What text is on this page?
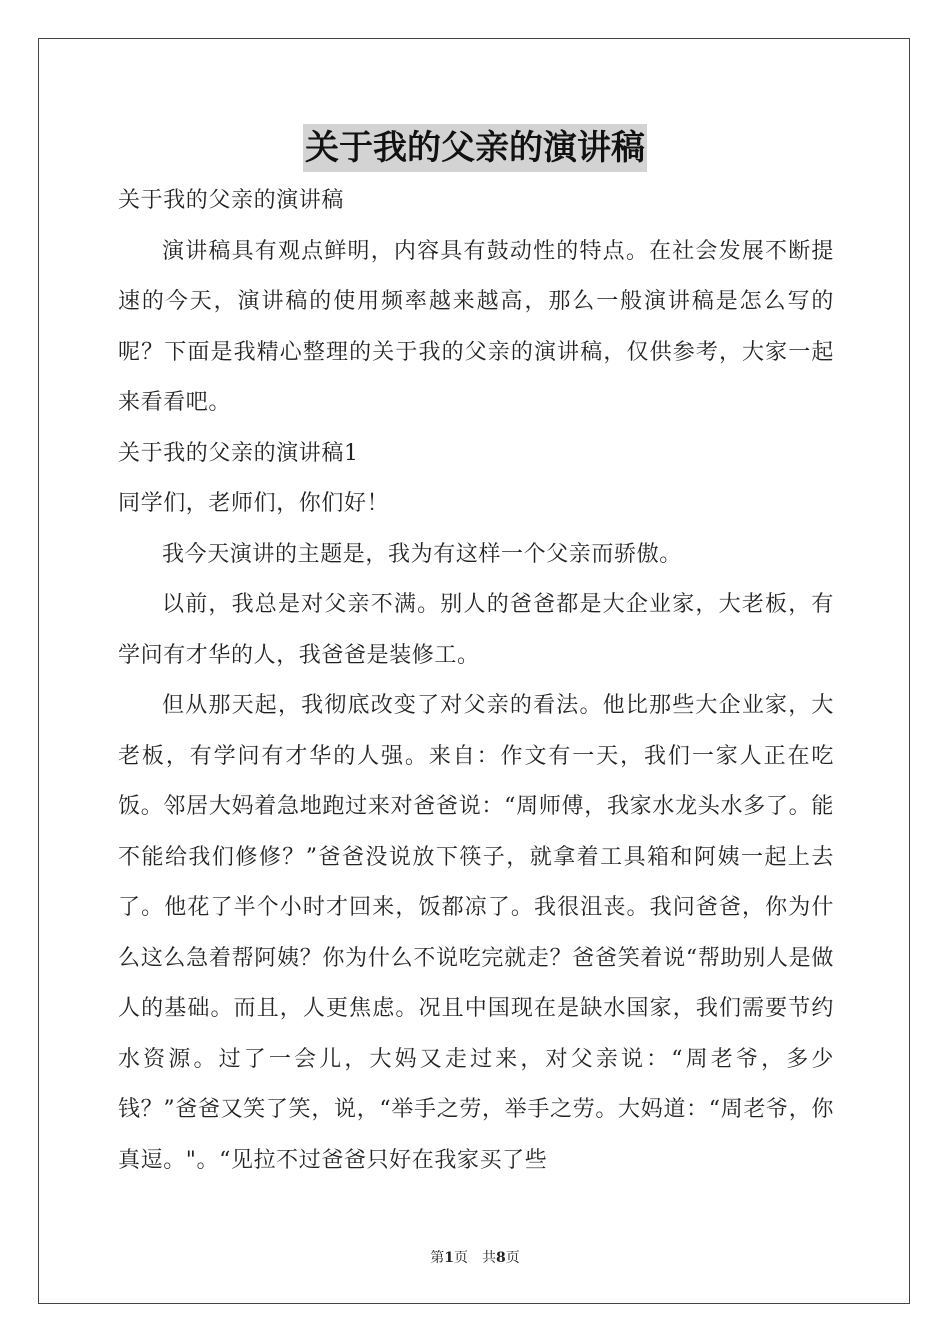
关于我的父亲的演讲稿

关于我的父亲的演讲稿

演讲稿具有观点鲜明，内容具有鼓动性的特点。在社会发展不断提速的今天，演讲稿的使用频率越来越高，那么一般演讲稿是怎么写的呢？下面是我精心整理的关于我的父亲的演讲稿，仅供参考，大家一起来看看吧。

关于我的父亲的演讲稿1

同学们，老师们，你们好！

我今天演讲的主题是，我为有这样一个父亲而骄傲。

以前，我总是对父亲不满。别人的爸爸都是大企业家，大老板，有学问有才华的人，我爸爸是装修工。

但从那天起，我彻底改变了对父亲的看法。他比那些大企业家，大老板，有学问有才华的人强。来自：作文有一天，我们一家人正在吃饭。邻居大妈着急地跑过来对爸爸说：“周师傅，我家水龙头水多了。能不能给我们修修？”爸爸没说放下筷子，就拿着工具箱和阿姨一起上去了。他花了半个小时才回来，饭都凉了。我很沮丧。我问爸爸，你为什么这么急着帮阿姨？你为什么不说吃完就走？爸爸笑着说“帮助别人是做人的基础。而且，人更焦虑。况且中国现在是缺水国家，我们需要节约水资源。过了一会儿，大妈又走过来，对父亲说：“周老爷，多少钱？”爸爸又笑了笑，说，“举手之劳，举手之劳。大妈道：“周老爷，你真逗。"。“见拉不过爸爸只好在我家买了些

第1页 共8页
